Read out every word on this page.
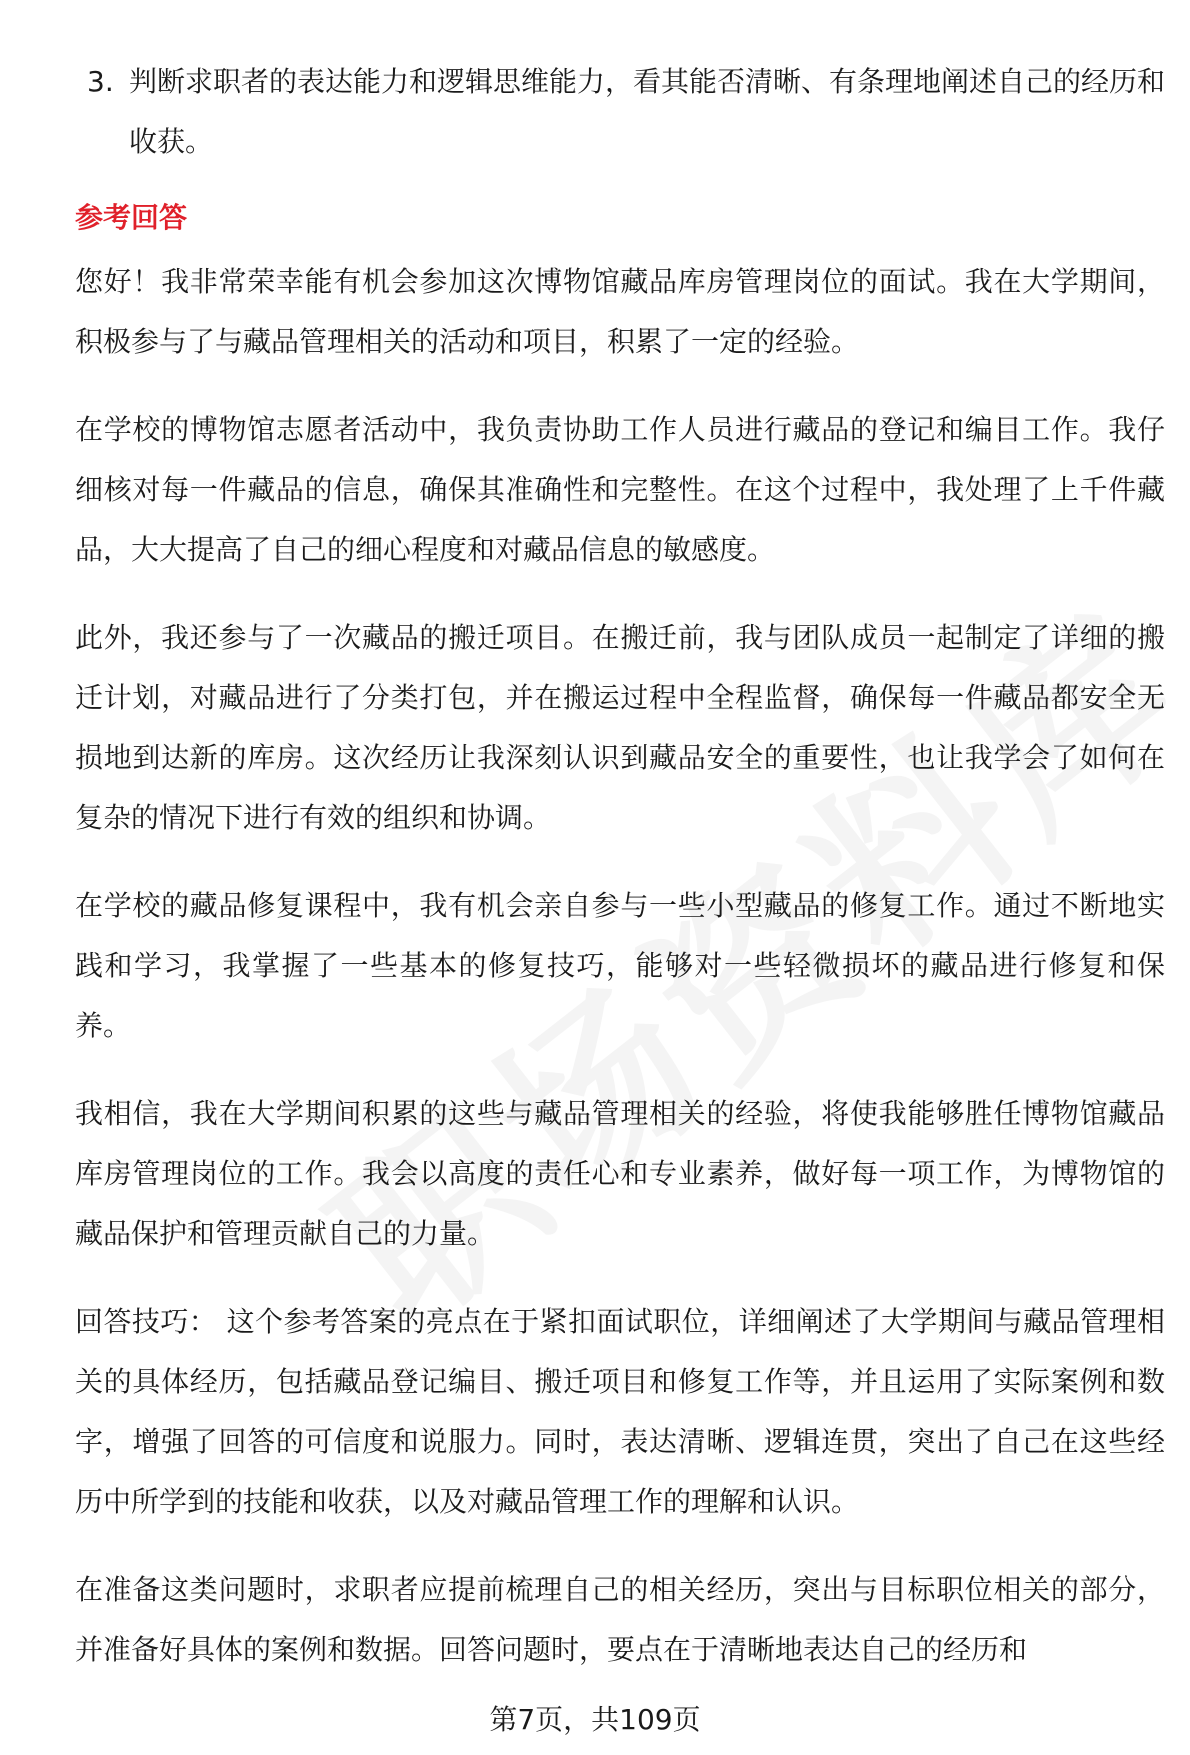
3. 判断求职者的表达能力和逻辑思维能力，看其能否清晰、有条理地阐述自己的经历和收获。
参考回答

您好！我非常荣幸能有机会参加这次博物馆藏品库房管理岗位的面试。我在大学期间，积极参与了与藏品管理相关的活动和项目，积累了一定的经验。

在学校的博物馆志愿者活动中，我负责协助工作人员进行藏品的登记和编目工作。我仔细核对每一件藏品的信息，确保其准确性和完整性。在这个过程中，我处理了上千件藏品，大大提高了自己的细心程度和对藏品信息的敏感度。

此外，我还参与了一次藏品的搬迁项目。在搬迁前，我与团队成员一起制定了详细的搬迁计划，对藏品进行了分类打包，并在搬运过程中全程监督，确保每一件藏品都安全无损地到达新的库房。这次经历让我深刻认识到藏品安全的重要性，也让我学会了如何在复杂的情况下进行有效的组织和协调。

在学校的藏品修复课程中，我有机会亲自参与一些小型藏品的修复工作。通过不断地实践和学习，我掌握了一些基本的修复技巧，能够对一些轻微损坏的藏品进行修复和保养。

我相信，我在大学期间积累的这些与藏品管理相关的经验，将使我能够胜任博物馆藏品库房管理岗位的工作。我会以高度的责任心和专业素养，做好每一项工作，为博物馆的藏品保护和管理贡献自己的力量。

回答技巧： 这个参考答案的亮点在于紧扣面试职位，详细阐述了大学期间与藏品管理相关的具体经历，包括藏品登记编目、搬迁项目和修复工作等，并且运用了实际案例和数字，增强了回答的可信度和说服力。同时，表达清晰、逻辑连贯，突出了自己在这些经历中所学到的技能和收获，以及对藏品管理工作的理解和认识。

在准备这类问题时，求职者应提前梳理自己的相关经历，突出与目标职位相关的部分，并准备好具体的案例和数据。回答问题时，要点在于清晰地表达自己的经历和

第7页，共109页
